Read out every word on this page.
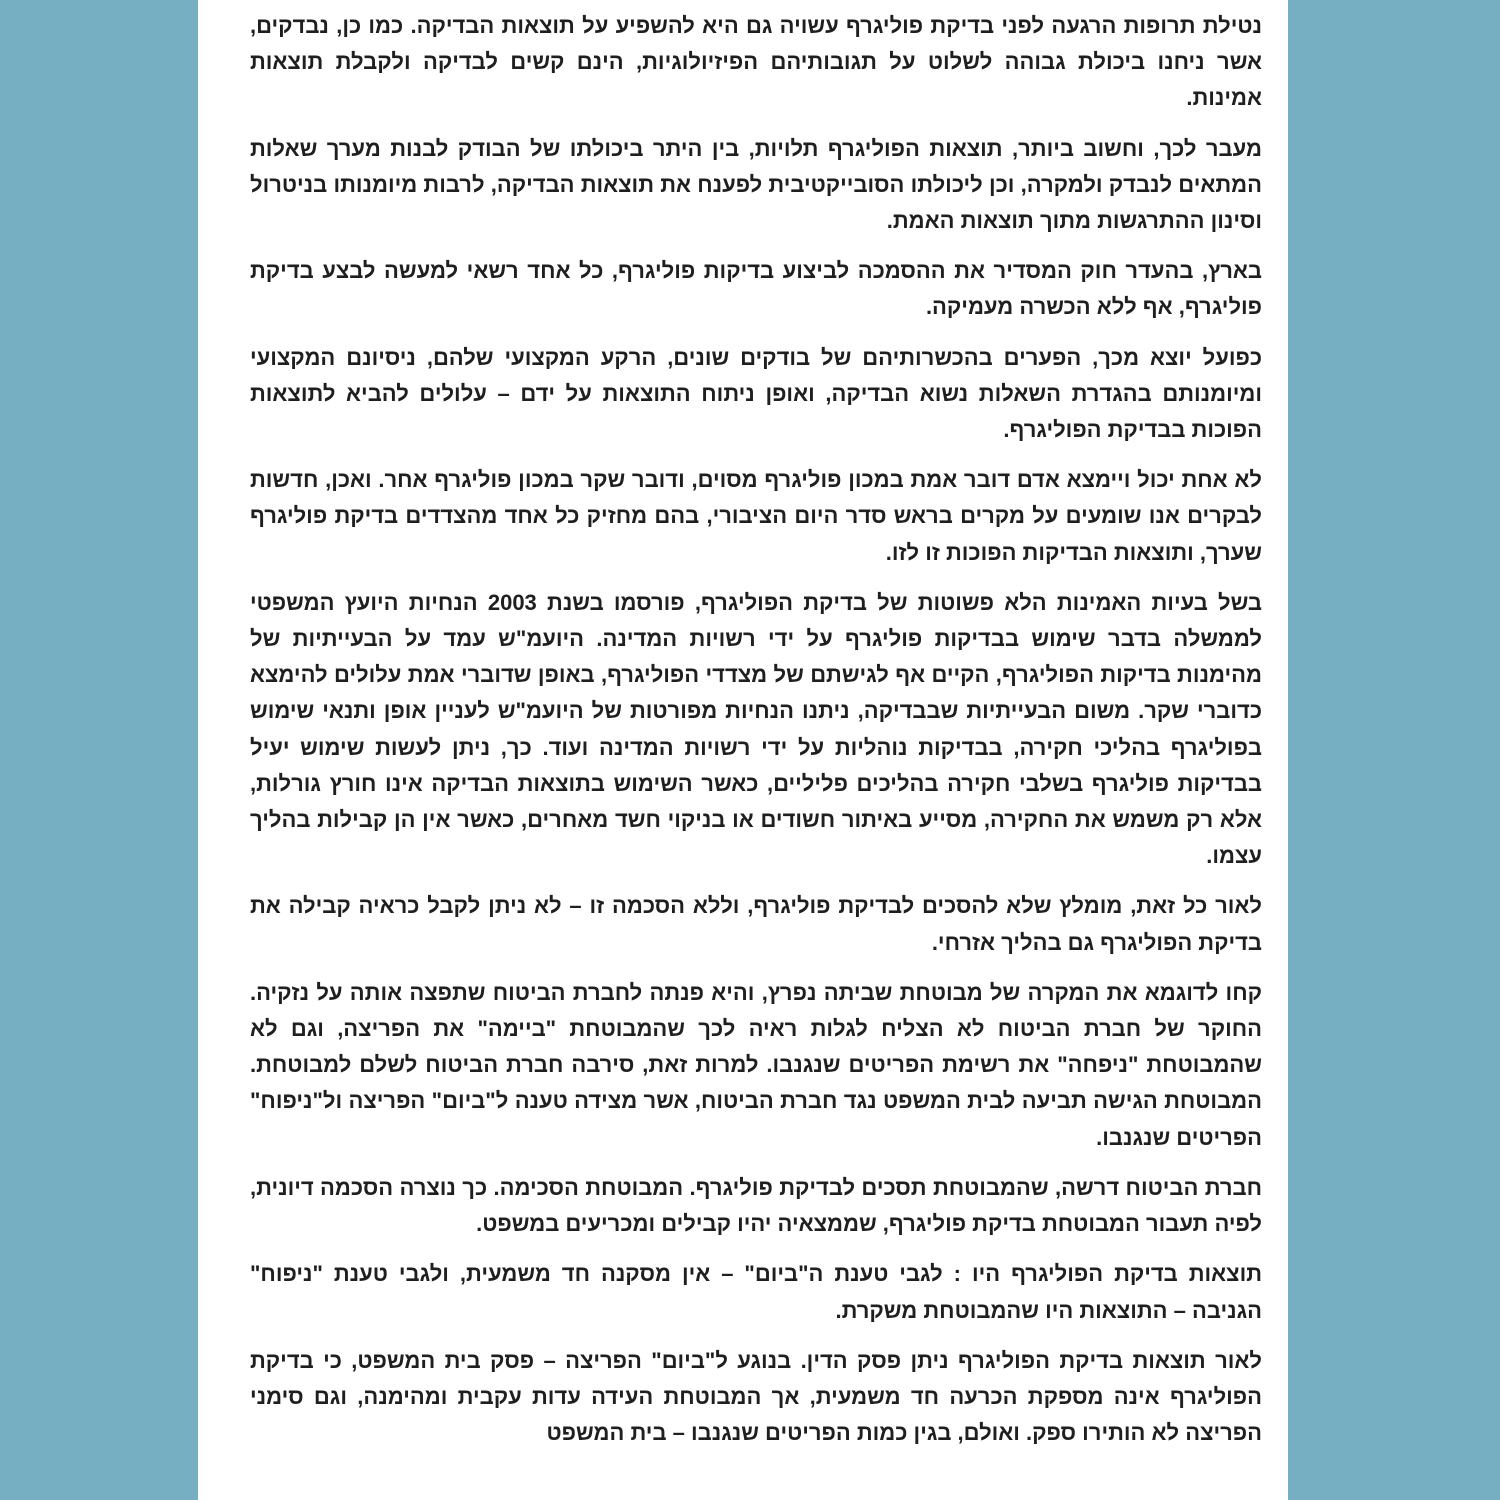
נטילת תרופות הרגעה לפני בדיקת פוליגרף עשויה גם היא להשפיע על תוצאות הבדיקה. כמו כן, נבדקים, אשר ניחנו ביכולת גבוהה לשלוט על תגובותיהם הפיזיולוגיות, הינם קשים לבדיקה ולקבלת תוצאות אמינות.

מעבר לכך, וחשוב ביותר, תוצאות הפוליגרף תלויות, בין היתר ביכולתו של הבודק לבנות מערך שאלות המתאים לנבדק ולמקרה, וכן ליכולתו הסובייקטיבית לפענח את תוצאות הבדיקה, לרבות מיומנותו בניטרול וסינון ההתרגשות מתוך תוצאות האמת.

בארץ, בהעדר חוק המסדיר את ההסמכה לביצוע בדיקות פוליגרף, כל אחד רשאי למעשה לבצע בדיקת פוליגרף, אף ללא הכשרה מעמיקה.

כפועל יוצא מכך, הפערים בהכשרותיהם של בודקים שונים, הרקע המקצועי שלהם, ניסיונם המקצועי ומיומנותם בהגדרת השאלות נשוא הבדיקה, ואופן ניתוח התוצאות על ידם – עלולים להביא לתוצאות הפוכות בבדיקת הפוליגרף.

לא אחת יכול ויימצא אדם דובר אמת במכון פוליגרף מסוים, ודובר שקר במכון פוליגרף אחר. ואכן, חדשות לבקרים אנו שומעים על מקרים בראש סדר היום הציבורי, בהם מחזיק כל אחד מהצדדים בדיקת פוליגרף שערך, ותוצאות הבדיקות הפוכות זו לזו.

בשל בעיות האמינות הלא פשוטות של בדיקת הפוליגרף, פורסמו בשנת 2003 הנחיות היועץ המשפטי לממשלה בדבר שימוש בבדיקות פוליגרף על ידי רשויות המדינה. היועמ"ש עמד על הבעייתיות של מהימנות בדיקות הפוליגרף, הקיים אף לגישתם של מצדדי הפוליגרף, באופן שדוברי אמת עלולים להימצא כדוברי שקר. משום הבעייתיות שבבדיקה, ניתנו הנחיות מפורטות של היועמ"ש לעניין אופן ותנאי שימוש בפוליגרף בהליכי חקירה, בבדיקות נוהליות על ידי רשויות המדינה ועוד. כך, ניתן לעשות שימוש יעיל בבדיקות פוליגרף בשלבי חקירה בהליכים פליליים, כאשר השימוש בתוצאות הבדיקה אינו חורץ גורלות, אלא רק משמש את החקירה, מסייע באיתור חשודים או בניקוי חשד מאחרים, כאשר אין הן קבילות בהליך עצמו.

לאור כל זאת, מומלץ שלא להסכים לבדיקת פוליגרף, וללא הסכמה זו – לא ניתן לקבל כראיה קבילה את בדיקת הפוליגרף גם בהליך אזרחי.

קחו לדוגמא את המקרה של מבוטחת שביתה נפרץ, והיא פנתה לחברת הביטוח שתפצה אותה על נזקיה. החוקר של חברת הביטוח לא הצליח לגלות ראיה לכך שהמבוטחת "ביימה" את הפריצה, וגם לא שהמבוטחת "ניפחה" את רשימת הפריטים שנגנבו. למרות זאת, סירבה חברת הביטוח לשלם למבוטחת. המבוטחת הגישה תביעה לבית המשפט נגד חברת הביטוח, אשר מצידה טענה ל"ביום" הפריצה ול"ניפוח" הפריטים שנגנבו.

חברת הביטוח דרשה, שהמבוטחת תסכים לבדיקת פוליגרף. המבוטחת הסכימה. כך נוצרה הסכמה דיונית, לפיה תעבור המבוטחת בדיקת פוליגרף, שממצאיה יהיו קבילים ומכריעים במשפט.

תוצאות בדיקת הפוליגרף היו : לגבי טענת ה"ביום" – אין מסקנה חד משמעית, ולגבי טענת "ניפוח" הגניבה – התוצאות היו שהמבוטחת משקרת.

לאור תוצאות בדיקת הפוליגרף ניתן פסק הדין. בנוגע ל"ביום" הפריצה – פסק בית המשפט, כי בדיקת הפוליגרף אינה מספקת הכרעה חד משמעית, אך המבוטחת העידה עדות עקבית ומהימנה, וגם סימני הפריצה לא הותירו ספק. ואולם, בגין כמות הפריטים שנגנבו – בית המשפט
